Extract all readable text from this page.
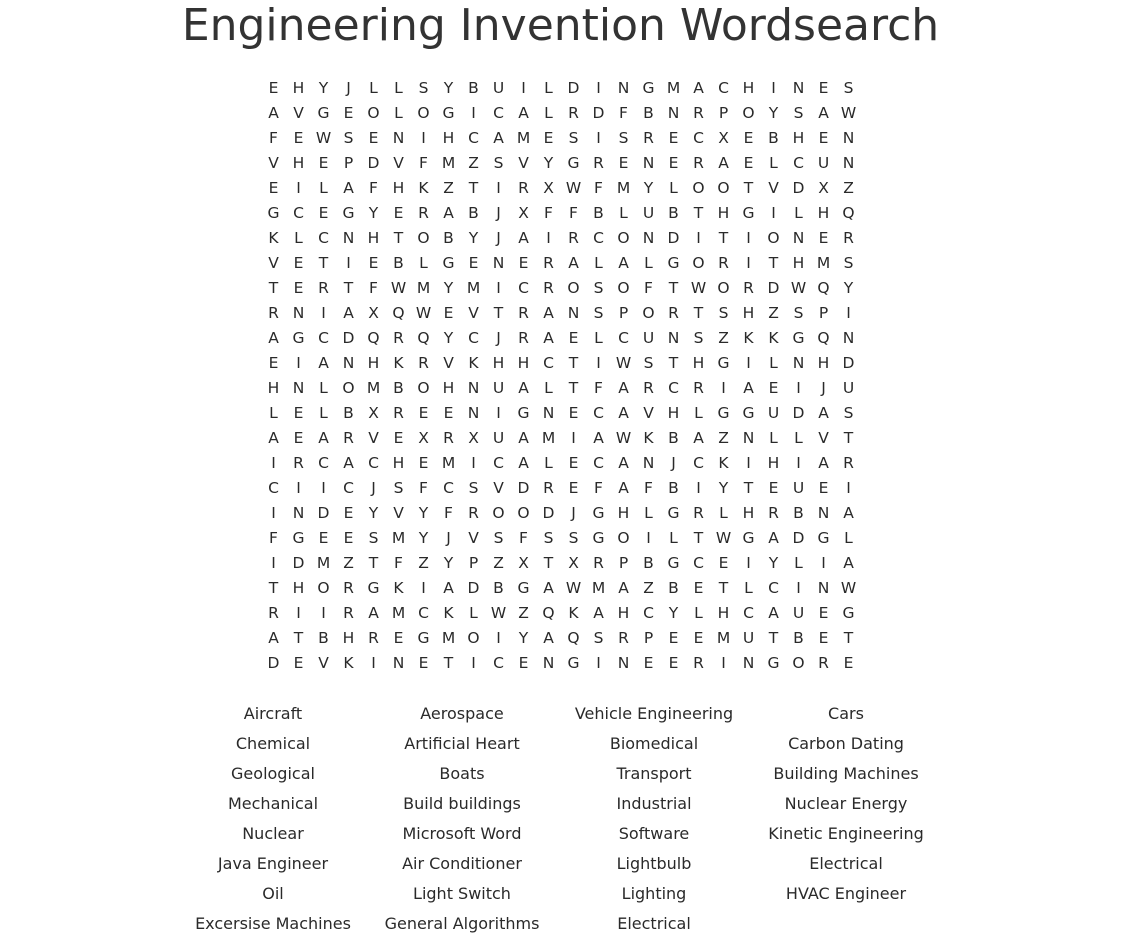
Engineering Invention Wordsearch
E H Y	J	L	L	S Y B U	I	L D	I	N G M A C H	I	N E S
A V G E O L O G	I	C A L R D F B N R P O Y S A W
F	E W S E N	I	H C A M E S	I	S R E C X E B H E N
V H E P D V F M Z S V Y G R E N E R A E	L C U N
E	I	L A F H K Z T	I	R X W F M Y	L O O T V D X Z
G C E G Y E R A B	J	X F	F B L U B T H G	I	L H Q
K	L C N H T O B Y	J	A	I	R C O N D	I	T	I	O N E R
V E T	I	E B L G E N E R A L A L G O R	I	T H M S
T E R T	F W M Y M	I	C R O S O F	T W O R D W Q Y
R N	I	A X Q W E V T R A N S P O R T S H Z S P	I
A G C D Q R Q Y C	J	R A E	L C U N S Z K K G Q N
E	I	A N H K R V K H H C T	I W S T H G	I	L N H D
H N L O M B O H N U A L	T	F A R C R	I	A E	I	J	U
L	E	L B X R E E N	I	G N E C A V H L G G U D A S
A E A R V E X R X U A M	I	A W K B A Z N L	L V T
I	R C A C H E M	I	C A L	E C A N	J	C K	I	H	I	A R
C	I	I	C	J	S	F C S V D R E	F A F B	I	Y	T E U E	I
I	N D E Y V Y	F R O O D	J	G H L G R L H R B N A
F G E E S M Y	J	V S	F	S S G O	I	L	T W G A D G L
I	D M Z T	F Z Y	P Z X T X R P B G C E	I	Y	L	I	A
T H O R G K	I	A D B G A W M A Z B E T	L C	I	N W
R	I	I	R A M C K	L W Z Q K A H C Y	L H C A U E G
A T B H R E G M O	I	Y A Q S R P E E M U T B E T
D E V K	I	N E T	I	C E N G	I	N E E R	I	N G O R E
Aircraft
Chemical
Geological
Mechanical
Nuclear
Java Engineer
Oil
Excersise Machines
Aerospace
Artificial Heart
Boats
Build buildings
Microsoft Word
Air Conditioner
Light Switch
General Algorithms
Vehicle Engineering
Biomedical
Transport
Industrial
Software
Lightbulb
Lighting
Electrical
Cars
Carbon Dating
Building Machines
Nuclear Energy
Kinetic Engineering
Electrical
HVAC Engineer
